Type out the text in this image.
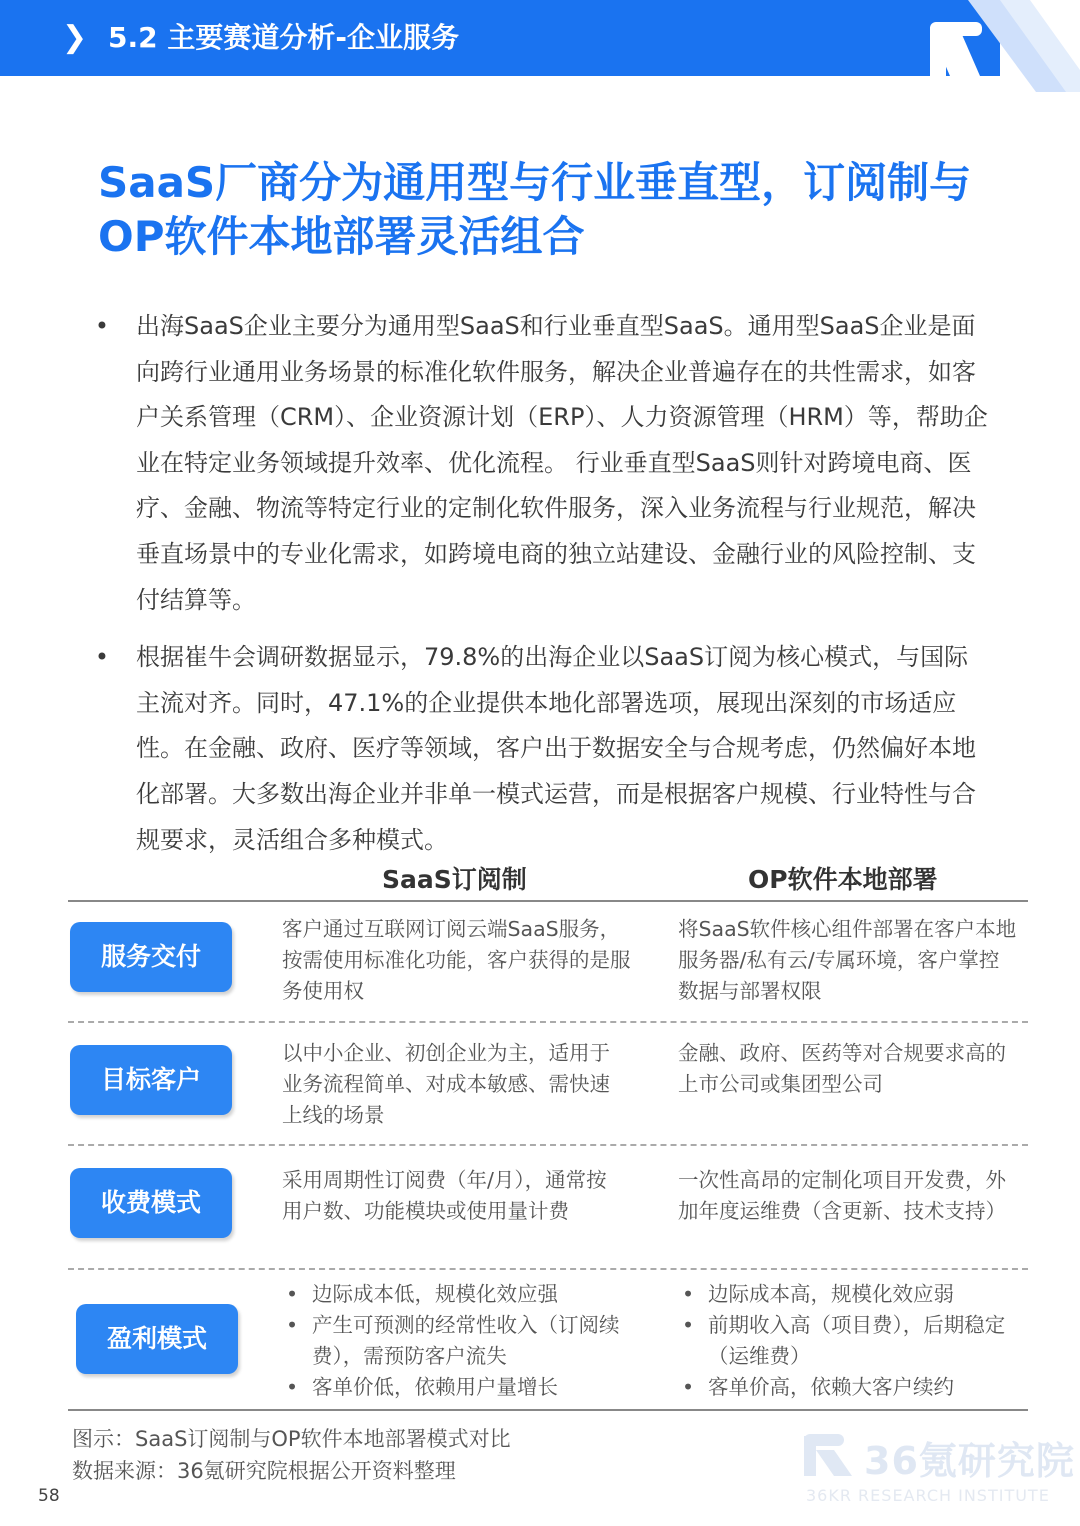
❯ 5.2 主要赛道分析-企业服务
SaaS厂商分为通用型与行业垂直型，订阅制与
OP软件本地部署灵活组合
• 出海SaaS企业主要分为通用型SaaS和行业垂直型SaaS。通用型SaaS企业是面向跨行业通用业务场景的标准化软件服务，解决企业普遍存在的共性需求，如客户关系管理（CRM）、企业资源计划（ERP）、人力资源管理（HRM）等，帮助企业在特定业务领域提升效率、优化流程。 行业垂直型SaaS则针对跨境电商、医疗、金融、物流等特定行业的定制化软件服务，深入业务流程与行业规范，解决垂直场景中的专业化需求，如跨境电商的独立站建设、金融行业的风险控制、支付结算等。
• 根据崔牛会调研数据显示，79.8%的出海企业以SaaS订阅为核心模式，与国际主流对齐。同时，47.1%的企业提供本地化部署选项，展现出深刻的市场适应性。在金融、政府、医疗等领域，客户出于数据安全与合规考虑，仍然偏好本地化部署。大多数出海企业并非单一模式运营，而是根据客户规模、行业特性与合规要求，灵活组合多种模式。
SaaS订阅制	OP软件本地部署
服务交付
客户通过互联网订阅云端SaaS服务，按需使用标准化功能，客户获得的是服务使用权
将SaaS软件核心组件部署在客户本地服务器/私有云/专属环境，客户掌控数据与部署权限
目标客户
以中小企业、初创企业为主，适用于业务流程简单、对成本敏感、需快速上线的场景
金融、政府、医药等对合规要求高的上市公司或集团型公司
收费模式
采用周期性订阅费（年/月），通常按用户数、功能模块或使用量计费
一次性高昂的定制化项目开发费，外加年度运维费（含更新、技术支持）
盈利模式
• 边际成本低，规模化效应强
• 产生可预测的经常性收入（订阅续费），需预防客户流失
• 客单价低，依赖用户量增长
• 边际成本高，规模化效应弱
• 前期收入高（项目费），后期稳定（运维费）
• 客单价高，依赖大客户续约
图示：SaaS订阅制与OP软件本地部署模式对比
数据来源：36氪研究院根据公开资料整理	36氪研究院
36KR RESEARCH INSTITUTE
58
